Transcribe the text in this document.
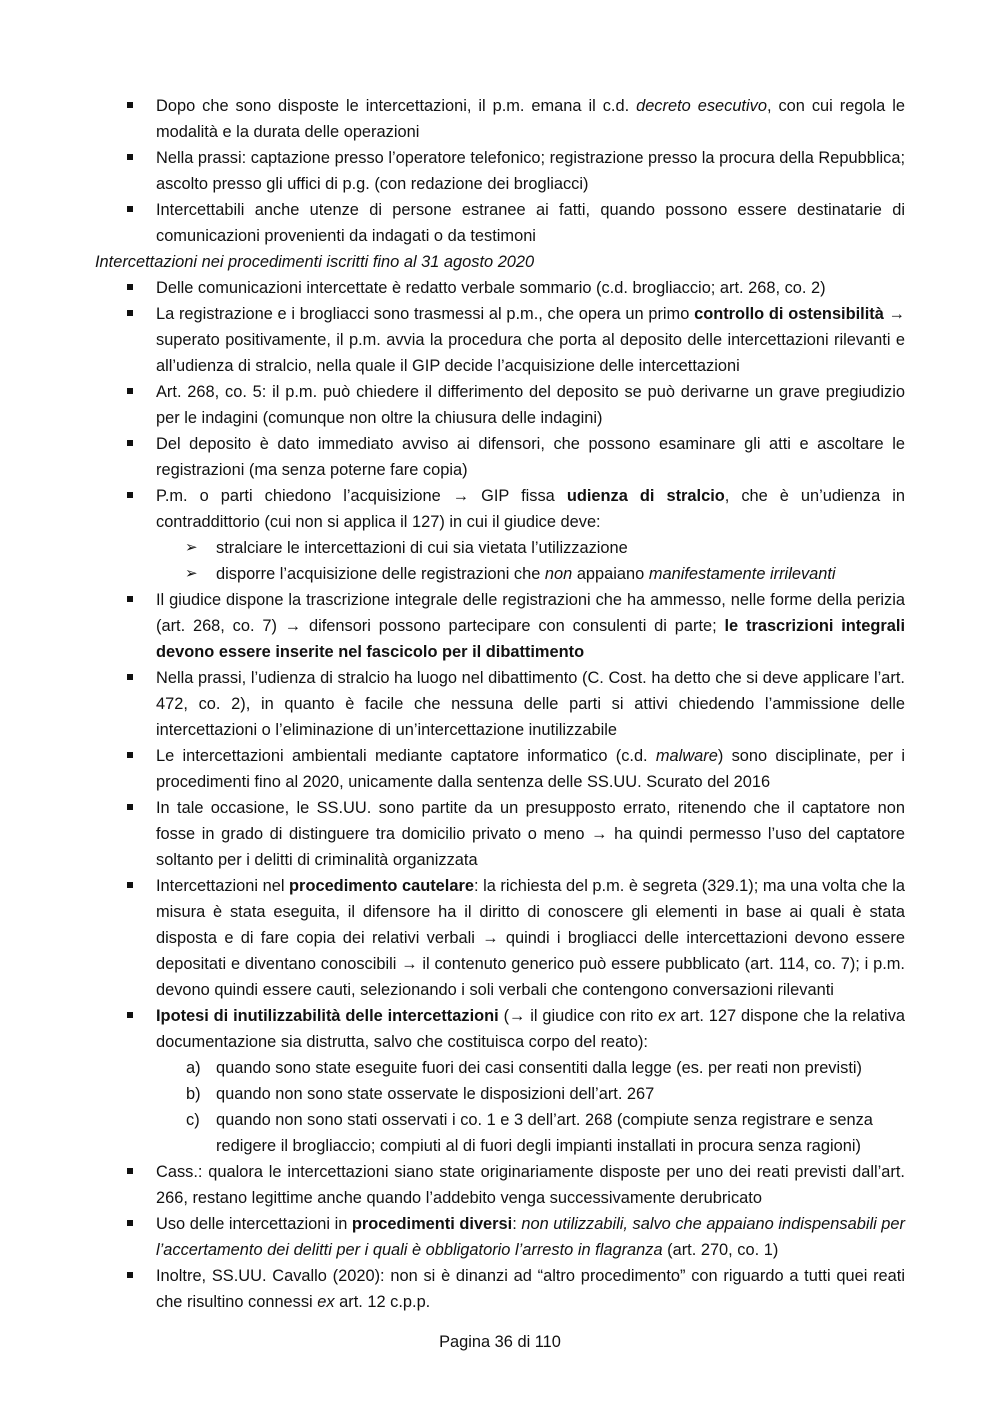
Dopo che sono disposte le intercettazioni, il p.m. emana il c.d. decreto esecutivo, con cui regola le modalità e la durata delle operazioni
Nella prassi: captazione presso l’operatore telefonico; registrazione presso la procura della Repubblica; ascolto presso gli uffici di p.g. (con redazione dei brogliacci)
Intercettabili anche utenze di persone estranee ai fatti, quando possono essere destinatarie di comunicazioni provenienti da indagati o da testimoni
Intercettazioni nei procedimenti iscritti fino al 31 agosto 2020
Delle comunicazioni intercettate è redatto verbale sommario (c.d. brogliaccio; art. 268, co. 2)
La registrazione e i brogliacci sono trasmessi al p.m., che opera un primo controllo di ostensibilità → superato positivamente, il p.m. avvia la procedura che porta al deposito delle intercettazioni rilevanti e all’udienza di stralcio, nella quale il GIP decide l’acquisizione delle intercettazioni
Art. 268, co. 5: il p.m. può chiedere il differimento del deposito se può derivarne un grave pregiudizio per le indagini (comunque non oltre la chiusura delle indagini)
Del deposito è dato immediato avviso ai difensori, che possono esaminare gli atti e ascoltare le registrazioni (ma senza poterne fare copia)
P.m. o parti chiedono l’acquisizione → GIP fissa udienza di stralcio, che è un’udienza in contraddittorio (cui non si applica il 127) in cui il giudice deve:
➢ stralciare le intercettazioni di cui sia vietata l’utilizzazione
➢ disporre l’acquisizione delle registrazioni che non appaiano manifestamente irrilevanti
Il giudice dispone la trascrizione integrale delle registrazioni che ha ammesso, nelle forme della perizia (art. 268, co. 7) → difensori possono partecipare con consulenti di parte; le trascrizioni integrali devono essere inserite nel fascicolo per il dibattimento
Nella prassi, l’udienza di stralcio ha luogo nel dibattimento (C. Cost. ha detto che si deve applicare l’art. 472, co. 2), in quanto è facile che nessuna delle parti si attivi chiedendo l’ammissione delle intercettazioni o l’eliminazione di un’intercettazione inutilizzabile
Le intercettazioni ambientali mediante captatore informatico (c.d. malware) sono disciplinate, per i procedimenti fino al 2020, unicamente dalla sentenza delle SS.UU. Scurato del 2016
In tale occasione, le SS.UU. sono partite da un presupposto errato, ritenendo che il captatore non fosse in grado di distinguere tra domicilio privato o meno → ha quindi permesso l’uso del captatore soltanto per i delitti di criminalità organizzata
Intercettazioni nel procedimento cautelare: la richiesta del p.m. è segreta (329.1); ma una volta che la misura è stata eseguita, il difensore ha il diritto di conoscere gli elementi in base ai quali è stata disposta e di fare copia dei relativi verbali → quindi i brogliacci delle intercettazioni devono essere depositati e diventano conoscibili → il contenuto generico può essere pubblicato (art. 114, co. 7); i p.m. devono quindi essere cauti, selezionando i soli verbali che contengono conversazioni rilevanti
Ipotesi di inutilizzabilità delle intercettazioni (→ il giudice con rito ex art. 127 dispone che la relativa documentazione sia distrutta, salvo che costituisca corpo del reato):
a) quando sono state eseguite fuori dei casi consentiti dalla legge (es. per reati non previsti)
b) quando non sono state osservate le disposizioni dell’art. 267
c) quando non sono stati osservati i co. 1 e 3 dell’art. 268 (compiute senza registrare e senza redigere il brogliaccio; compiuti al di fuori degli impianti installati in procura senza ragioni)
Cass.: qualora le intercettazioni siano state originariamente disposte per uno dei reati previsti dall’art. 266, restano legittime anche quando l’addebito venga successivamente derubricato
Uso delle intercettazioni in procedimenti diversi: non utilizzabili, salvo che appaiano indispensabili per l’accertamento dei delitti per i quali è obbligatorio l’arresto in flagranza (art. 270, co. 1)
Inoltre, SS.UU. Cavallo (2020): non si è dinanzi ad “altro procedimento” con riguardo a tutti quei reati che risultino connessi ex art. 12 c.p.p.
Pagina 36 di 110
